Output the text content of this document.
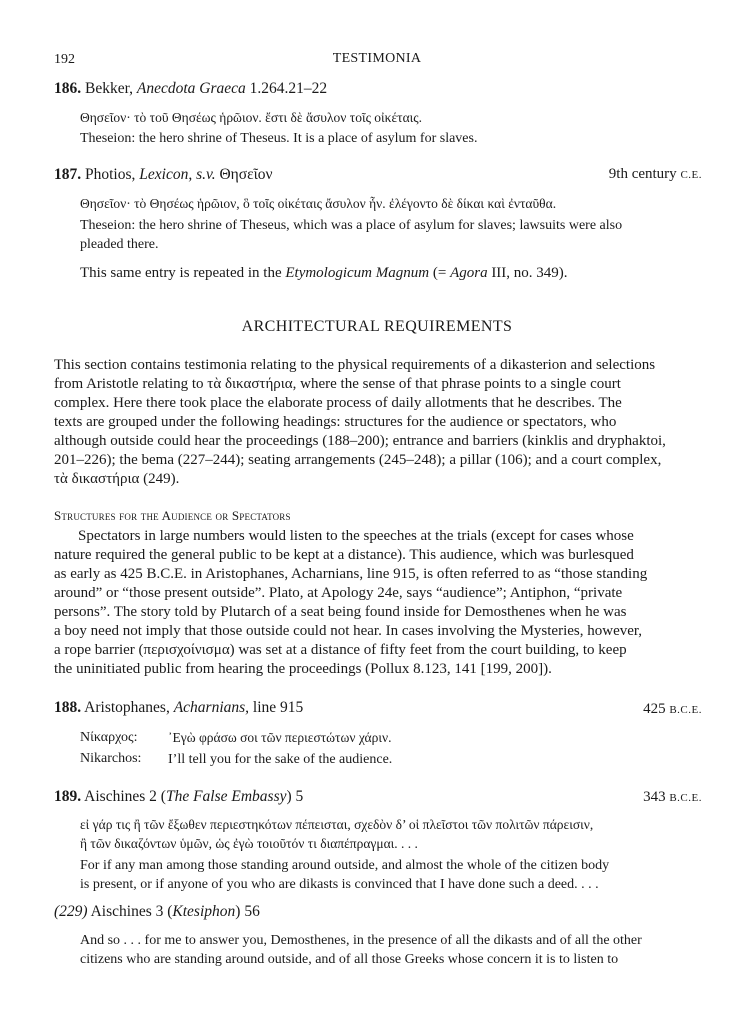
192	TESTIMONIA
186. Bekker, Anecdota Graeca 1.264.21–22
Θησεῖον· τὸ τοῦ Θησέως ἡρῶιον. ἔστι δὲ ἄσυλον τοῖς οἰκέταις.
Theseion: the hero shrine of Theseus. It is a place of asylum for slaves.
187. Photios, Lexicon, s.v. Θησεῖον	9th century C.E.
Θησεῖον· τὸ Θησέως ἡρῶιον, ὃ τοῖς οἰκέταις ἄσυλον ἦν. ἐλέγοντο δὲ δίκαι καὶ ἐνταῦθα.
Theseion: the hero shrine of Theseus, which was a place of asylum for slaves; lawsuits were also
pleaded there.
This same entry is repeated in the Etymologicum Magnum (= Agora III, no. 349).
ARCHITECTURAL REQUIREMENTS
This section contains testimonia relating to the physical requirements of a dikasterion and selections
from Aristotle relating to τὰ δικαστήρια, where the sense of that phrase points to a single court
complex. Here there took place the elaborate process of daily allotments that he describes. The
texts are grouped under the following headings: structures for the audience or spectators, who
although outside could hear the proceedings (188–200); entrance and barriers (kinklis and dryphaktoi,
201–226); the bema (227–244); seating arrangements (245–248); a pillar (106); and a court complex,
τὰ δικαστήρια (249).
Structures for the Audience or Spectators
Spectators in large numbers would listen to the speeches at the trials (except for cases whose
nature required the general public to be kept at a distance). This audience, which was burlesqued
as early as 425 B.C.E. in Aristophanes, Acharnians, line 915, is often referred to as “those standing
around” or “those present outside”. Plato, at Apology 24e, says “audience”; Antiphon, “private
persons”. The story told by Plutarch of a seat being found inside for Demosthenes when he was
a boy need not imply that those outside could not hear. In cases involving the Mysteries, however,
a rope barrier (περισχοίνισμα) was set at a distance of fifty feet from the court building, to keep
the uninitiated public from hearing the proceedings (Pollux 8.123, 141 [199, 200]).
188. Aristophanes, Acharnians, line 915	425 B.C.E.
Νίκαρχος: ᾿Εγὼ φράσω σοι τῶν περιεστώτων χάριν.
Nikarchos: I’ll tell you for the sake of the audience.
189. Aischines 2 (The False Embassy) 5	343 B.C.E.
εἰ γάρ τις ἢ τῶν ἔξωθεν περιεστηκότων πέπεισται, σχεδὸν δ’ οἱ πλεῖστοι τῶν πολιτῶν πάρεισιν,
ἢ τῶν δικαζόντων ὑμῶν, ὡς ἐγὼ τοιοῦτόν τι διαπέπραγμαι. . . .
For if any man among those standing around outside, and almost the whole of the citizen body
is present, or if anyone of you who are dikasts is convinced that I have done such a deed. . . .
(229) Aischines 3 (Ktesiphon) 56
And so . . . for me to answer you, Demosthenes, in the presence of all the dikasts and of all the other
citizens who are standing around outside, and of all those Greeks whose concern it is to listen to
